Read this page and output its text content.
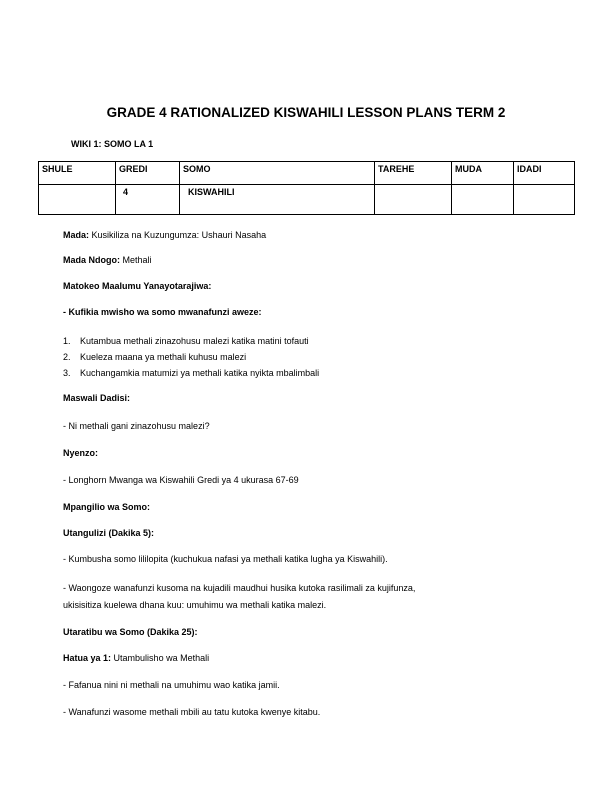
GRADE 4 RATIONALIZED KISWAHILI LESSON PLANS TERM 2
WIKI 1: SOMO LA 1
SHULE	GREDI	SOMO	TAREHE	MUDA	IDADI
	4	KISWAHILI			
Mada: Kusikiliza na Kuzungumza: Ushauri Nasaha
Mada Ndogo: Methali
Matokeo Maalumu Yanayotarajiwa:
- Kufikia mwisho wa somo mwanafunzi aweze:
1. Kutambua methali zinazohusu malezi katika matini tofauti
2. Kueleza maana ya methali kuhusu malezi
3. Kuchangamkia matumizi ya methali katika nyikta mbalimbali
Maswali Dadisi:
- Ni methali gani zinazohusu malezi?
Nyenzo:
- Longhorn Mwanga wa Kiswahili Gredi ya 4 ukurasa 67-69
Mpangilio wa Somo:
Utangulizi (Dakika 5):
- Kumbusha somo lililopita (kuchukua nafasi ya methali katika lugha ya Kiswahili).
- Waongoze wanafunzi kusoma na kujadili maudhui husika kutoka rasilimali za kujifunza,
ukisisitiza kuelewa dhana kuu: umuhimu wa methali katika malezi.
Utaratibu wa Somo (Dakika 25):
Hatua ya 1: Utambulisho wa Methali
- Fafanua nini ni methali na umuhimu wao katika jamii.
- Wanafunzi wasome methali mbili au tatu kutoka kwenye kitabu.
